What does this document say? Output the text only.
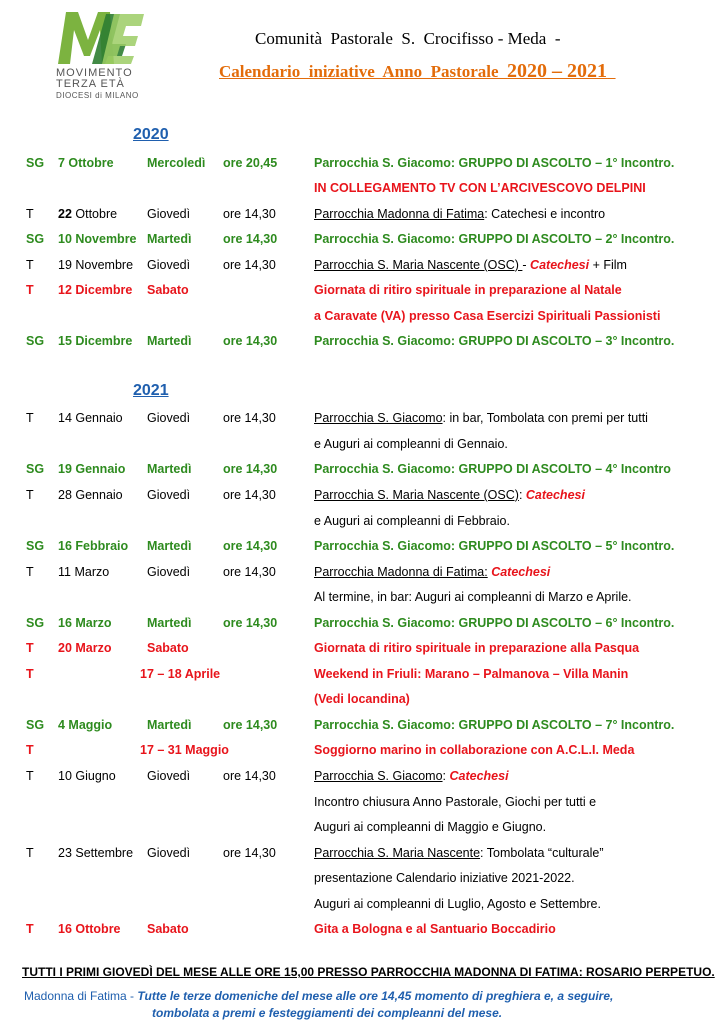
MOVIMENTO
TERZA ETÀ
DIOCESI di MILANO
Comunità  Pastorale  S.  Crocifisso - Meda  -
Calendario  iniziative  Anno  Pastorale  2020 – 2021
2020
2021
SG 7 Ottobre	Mercoledì ore 20,45	Parrocchia S. Giacomo: GRUPPO DI ASCOLTO – 1° Incontro.
IN COLLEGAMENTO TV CON L’ARCIVESCOVO DELPINI
T 22 Ottobre Giovedì	ore 14,30	Parrocchia Madonna di Fatima: Catechesi e incontro
SG 10 Novembre Martedì	ore 14,30	Parrocchia S. Giacomo: GRUPPO DI ASCOLTO – 2° Incontro.
T 19 Novembre Giovedì	ore 14,30	Parrocchia S. Maria Nascente (OSC) - Catechesi + Film
T 12 Dicembre Sabato	Giornata di ritiro spirituale in preparazione al Natale
a Caravate (VA) presso Casa Esercizi Spirituali Passionisti
SG 15 Dicembre Martedì	ore 14,30	Parrocchia S. Giacomo: GRUPPO DI ASCOLTO – 3° Incontro.
T 14 Gennaio Giovedì	ore 14,30	Parrocchia S. Giacomo: in bar, Tombolata con premi per tutti
e Auguri ai compleanni di Gennaio.
SG 19 Gennaio Martedì	ore 14,30	Parrocchia S. Giacomo: GRUPPO DI ASCOLTO – 4° Incontro
T 28 Gennaio Giovedì	ore 14,30	Parrocchia S. Maria Nascente (OSC): Catechesi
e Auguri ai compleanni di Febbraio.
SG 16 Febbraio Martedì	ore 14,30	Parrocchia S. Giacomo: GRUPPO DI ASCOLTO – 5° Incontro.
T 11 Marzo	Giovedì	ore 14,30	Parrocchia Madonna di Fatima: Catechesi
Al termine, in bar: Auguri ai compleanni di Marzo e Aprile.
SG 16 Marzo	Martedì	ore 14,30	Parrocchia S. Giacomo: GRUPPO DI ASCOLTO – 6° Incontro.
T 20 Marzo	Sabato	Giornata di ritiro spirituale in preparazione alla Pasqua
T	17 – 18 Aprile	Weekend in Friuli: Marano – Palmanova – Villa Manin
(Vedi locandina)
SG 4 Maggio	Martedì	ore 14,30	Parrocchia S. Giacomo: GRUPPO DI ASCOLTO – 7° Incontro.
T	17 – 31 Maggio	Soggiorno marino in collaborazione con A.C.L.I. Meda
T 10 Giugno	Giovedì	ore 14,30	Parrocchia S. Giacomo: Catechesi
Incontro chiusura Anno Pastorale, Giochi per tutti e
Auguri ai compleanni di Maggio e Giugno.
T 23 Settembre Giovedì	ore 14,30	Parrocchia S. Maria Nascente: Tombolata “culturale”
presentazione Calendario iniziative 2021-2022.
Auguri ai compleanni di Luglio, Agosto e Settembre.
T 16 Ottobre Sabato	Gita a Bologna e al Santuario Boccadirio
TUTTI I PRIMI GIOVEDÌ DEL MESE ALLE ORE 15,00 PRESSO PARROCCHIA MADONNA DI FATIMA: ROSARIO PERPETUO.
Madonna di Fatima - Tutte le terze domeniche del mese alle ore 14,45 momento di preghiera e, a seguire,
tombolata a premi e festeggiamenti dei compleanni del mese.
